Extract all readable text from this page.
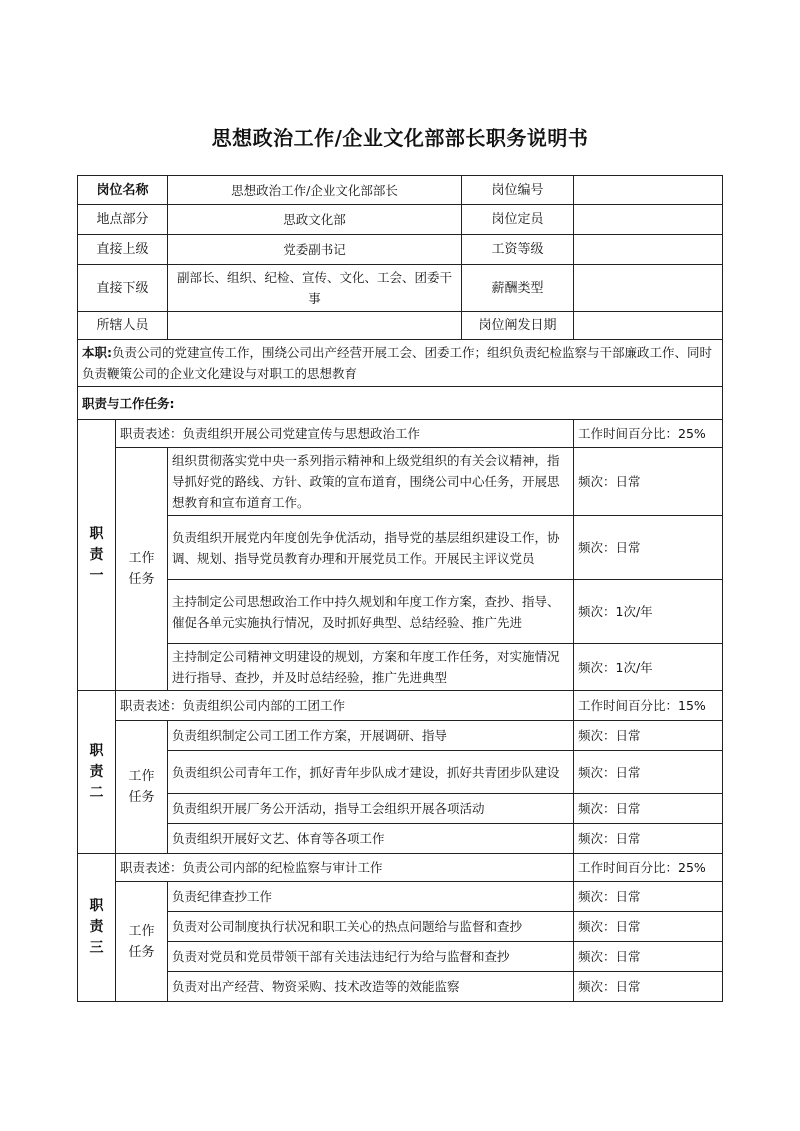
思想政治工作/企业文化部部长职务说明书
岗位名称		思想政治工作/企业文化部部长	岗位编号	
地点部分		思政文化部	岗位定员	
直接上级		党委副书记	工资等级	
直接下级		副部长、组织、纪检、宣传、文化、工会、团委干事	薪酬类型	
所辖人员			岗位阐发日期	
本职:负责公司的党建宣传工作，围绕公司出产经营开展工会、团委工作；组织负责纪检监察与干部廉政工作、同时负责鞭策公司的企业文化建设与对职工的思想教育				
职责与工作任务:				

职
责
一	职责表述：负责组织开展公司党建宣传与思想政治工作			工作时间百分比：25%

	工作
任务	组织贯彻落实党中央一系列指示精神和上级党组织的有关会议精神，指导抓好党的路线、方针、政策的宣布道育，围绕公司中心任务，开展思想教育和宣布道育工作。		频次：日常
		负责组织开展党内年度创先争优活动，指导党的基层组织建设工作，协调、规划、指导党员教育办理和开展党员工作。开展民主评议党员		频次：日常
		主持制定公司思想政治工作中持久规划和年度工作方案，查抄、指导、催促各单元实施执行情况，及时抓好典型、总结经验、推广先进		频次：1次/年
		主持制定公司精神文明建设的规划，方案和年度工作任务，对实施情况进行指导、查抄，并及时总结经验，推广先进典型		频次：1次/年

职
责
二	职责表述：负责组织公司内部的工团工作			工作时间百分比：15%

	工作
任务	负责组织制定公司工团工作方案，开展调研、指导		频次：日常
		负责组织公司青年工作，抓好青年步队成才建设，抓好共青团步队建设		频次：日常
		负责组织开展厂务公开活动，指导工会组织开展各项活动		频次：日常
		负责组织开展好文艺、体育等各项工作		频次：日常

职
责
三	职责表述：负责公司内部的纪检监察与审计工作			工作时间百分比：25%

	工作
任务	负责纪律查抄工作		频次：日常
		负责对公司制度执行状况和职工关心的热点问题给与监督和查抄		频次：日常
		负责对党员和党员带领干部有关违法违纪行为给与监督和查抄		频次：日常
		负责对出产经营、物资采购、技术改造等的效能监察		频次：日常
